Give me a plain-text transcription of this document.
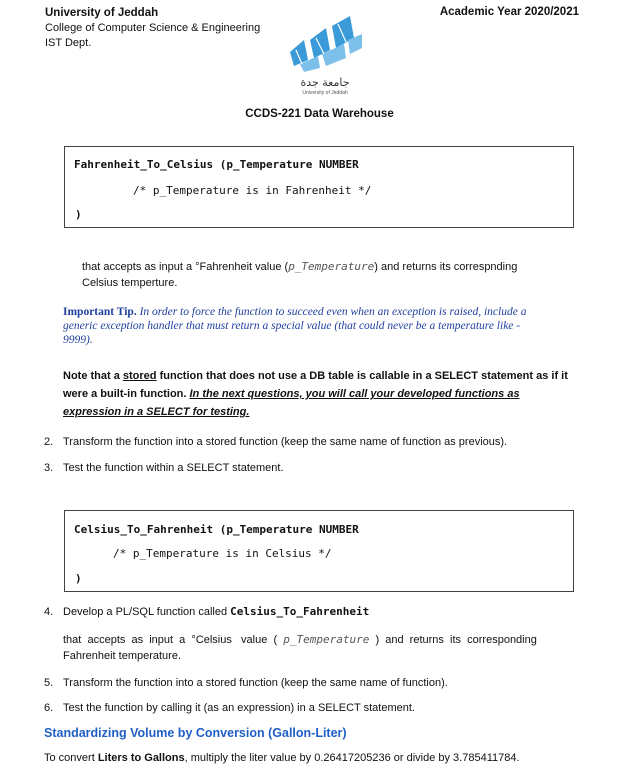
University of Jeddah
College of Computer Science & Engineering
IST Dept.
Academic Year 2020/2021
جامعة جدة
University of Jeddah
CCDS-221 Data Warehouse
Fahrenheit_To_Celsius (p_Temperature NUMBER
/* p_Temperature is in Fahrenheit */
)
that accepts as input a °Fahrenheit value (p_Temperature) and returns its correspnding
Celsius temperture.
Important Tip. In order to force the function to succeed even when an exception is raised, include a
generic exception handler that must return a special value (that could never be a temperature like -
9999).
Note that a stored function that does not use a DB table is callable in a SELECT statement as if it
were a built-in function. In the next questions, you will call your developed functions as
expression in a SELECT for testing.
2. Transform the function into a stored function (keep the same name of function as previous).
3. Test the function within a SELECT statement.
Celsius_To_Fahrenheit (p_Temperature NUMBER
/* p_Temperature is in Celsius */
)
4. Develop a PL/SQL function called Celsius_To_Fahrenheit
that  accepts  as  input  a  °Celsius   value  (  p_Temperature  )  and  returns  its  corresponding
Fahrenheit temperature.
5. Transform the function into a stored function (keep the same name of function).
6. Test the function by calling it (as an expression) in a SELECT statement.
Standardizing Volume by Conversion (Gallon-Liter)
To convert Liters to Gallons, multiply the liter value by 0.26417205236 or divide by 3.785411784.
